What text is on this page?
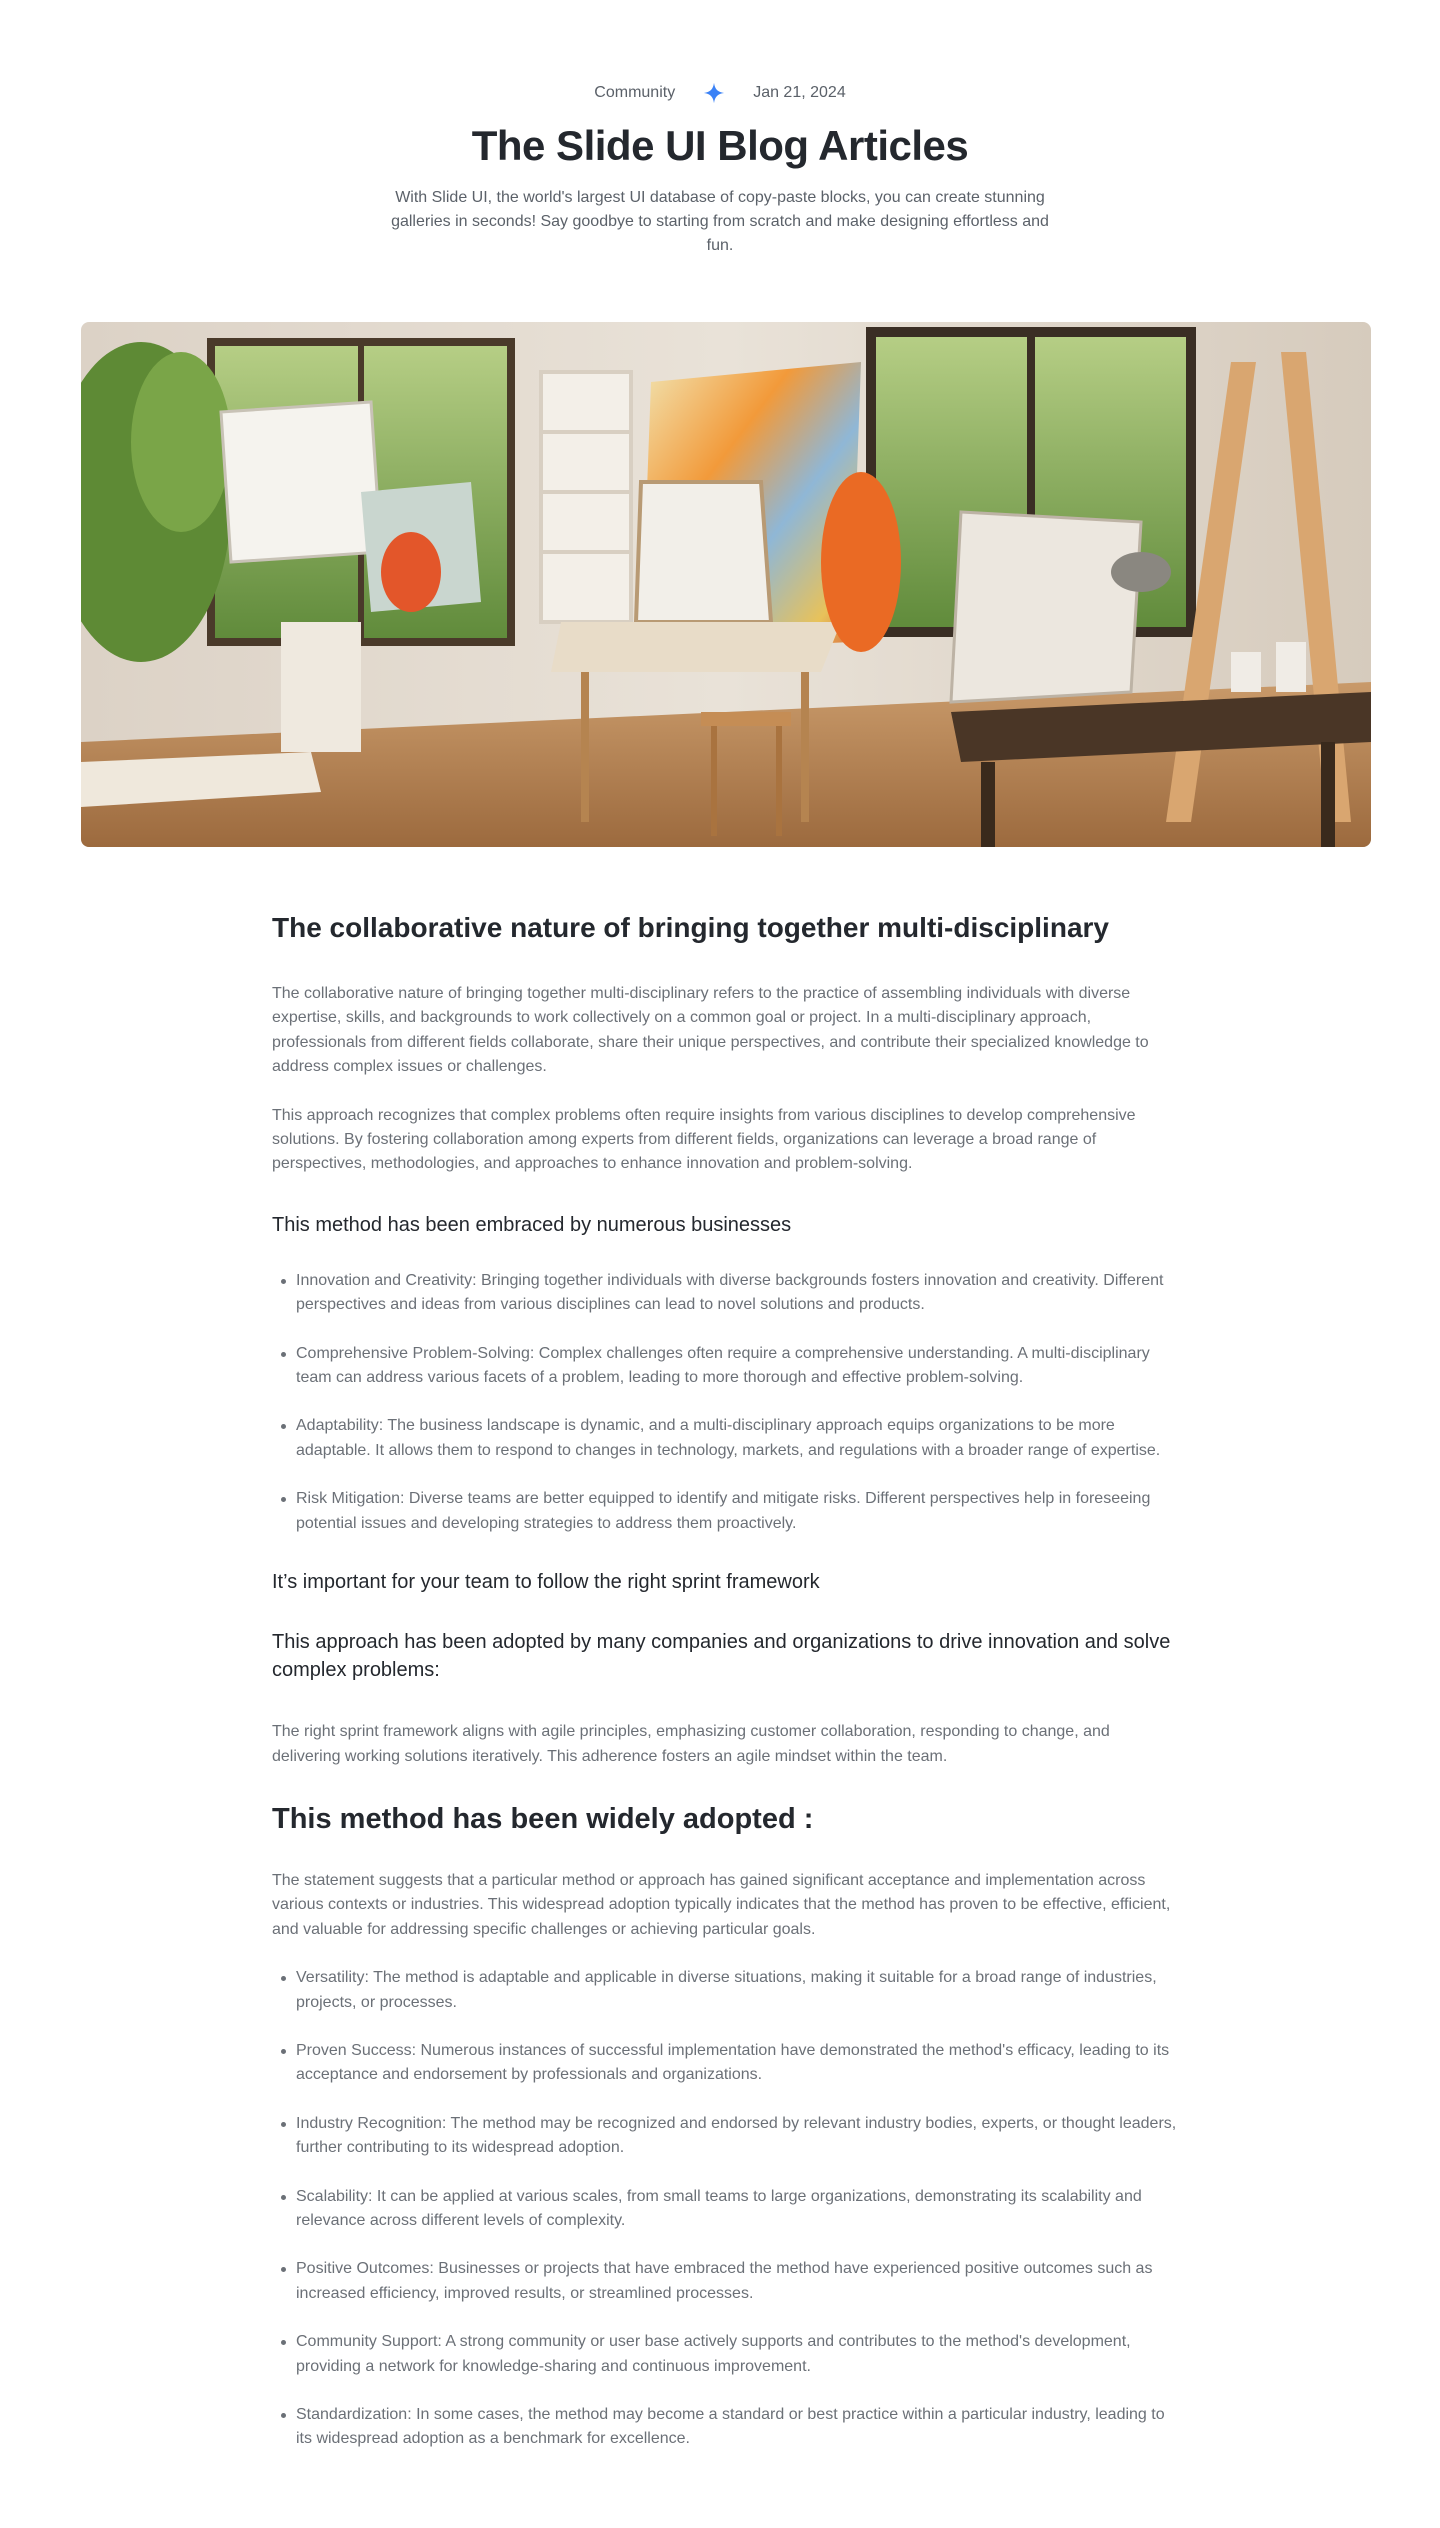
Community	Jan 21, 2024
The Slide UI Blog Articles

With Slide UI, the world's largest UI database of copy-paste blocks, you can create stunning galleries in seconds! Say goodbye to starting from scratch and make designing effortless and fun.

The collaborative nature of bringing together multi-disciplinary

The collaborative nature of bringing together multi-disciplinary refers to the practice of assembling individuals with diverse expertise, skills, and backgrounds to work collectively on a common goal or project. In a multi-disciplinary approach, professionals from different fields collaborate, share their unique perspectives, and contribute their specialized knowledge to address complex issues or challenges.

This approach recognizes that complex problems often require insights from various disciplines to develop comprehensive solutions. By fostering collaboration among experts from different fields, organizations can leverage a broad range of perspectives, methodologies, and approaches to enhance innovation and problem-solving.

This method has been embraced by numerous businesses
Innovation and Creativity: Bringing together individuals with diverse backgrounds fosters innovation and creativity. Different perspectives and ideas from various disciplines can lead to novel solutions and products.
Comprehensive Problem-Solving: Complex challenges often require a comprehensive understanding. A multi-disciplinary team can address various facets of a problem, leading to more thorough and effective problem-solving.
Adaptability: The business landscape is dynamic, and a multi-disciplinary approach equips organizations to be more adaptable. It allows them to respond to changes in technology, markets, and regulations with a broader range of expertise.
Risk Mitigation: Diverse teams are better equipped to identify and mitigate risks. Different perspectives help in foreseeing potential issues and developing strategies to address them proactively.
It’s important for your team to follow the right sprint framework
This approach has been adopted by many companies and organizations to drive innovation and solve complex problems:

The right sprint framework aligns with agile principles, emphasizing customer collaboration, responding to change, and delivering working solutions iteratively. This adherence fosters an agile mindset within the team.

This method has been widely adopted :

The statement suggests that a particular method or approach has gained significant acceptance and implementation across various contexts or industries. This widespread adoption typically indicates that the method has proven to be effective, efficient, and valuable for addressing specific challenges or achieving particular goals.

Versatility: The method is adaptable and applicable in diverse situations, making it suitable for a broad range of industries, projects, or processes.
Proven Success: Numerous instances of successful implementation have demonstrated the method's efficacy, leading to its acceptance and endorsement by professionals and organizations.
Industry Recognition: The method may be recognized and endorsed by relevant industry bodies, experts, or thought leaders, further contributing to its widespread adoption.
Scalability: It can be applied at various scales, from small teams to large organizations, demonstrating its scalability and relevance across different levels of complexity.
Positive Outcomes: Businesses or projects that have embraced the method have experienced positive outcomes such as increased efficiency, improved results, or streamlined processes.
Community Support: A strong community or user base actively supports and contributes to the method's development, providing a network for knowledge-sharing and continuous improvement.
Standardization: In some cases, the method may become a standard or best practice within a particular industry, leading to its widespread adoption as a benchmark for excellence.
